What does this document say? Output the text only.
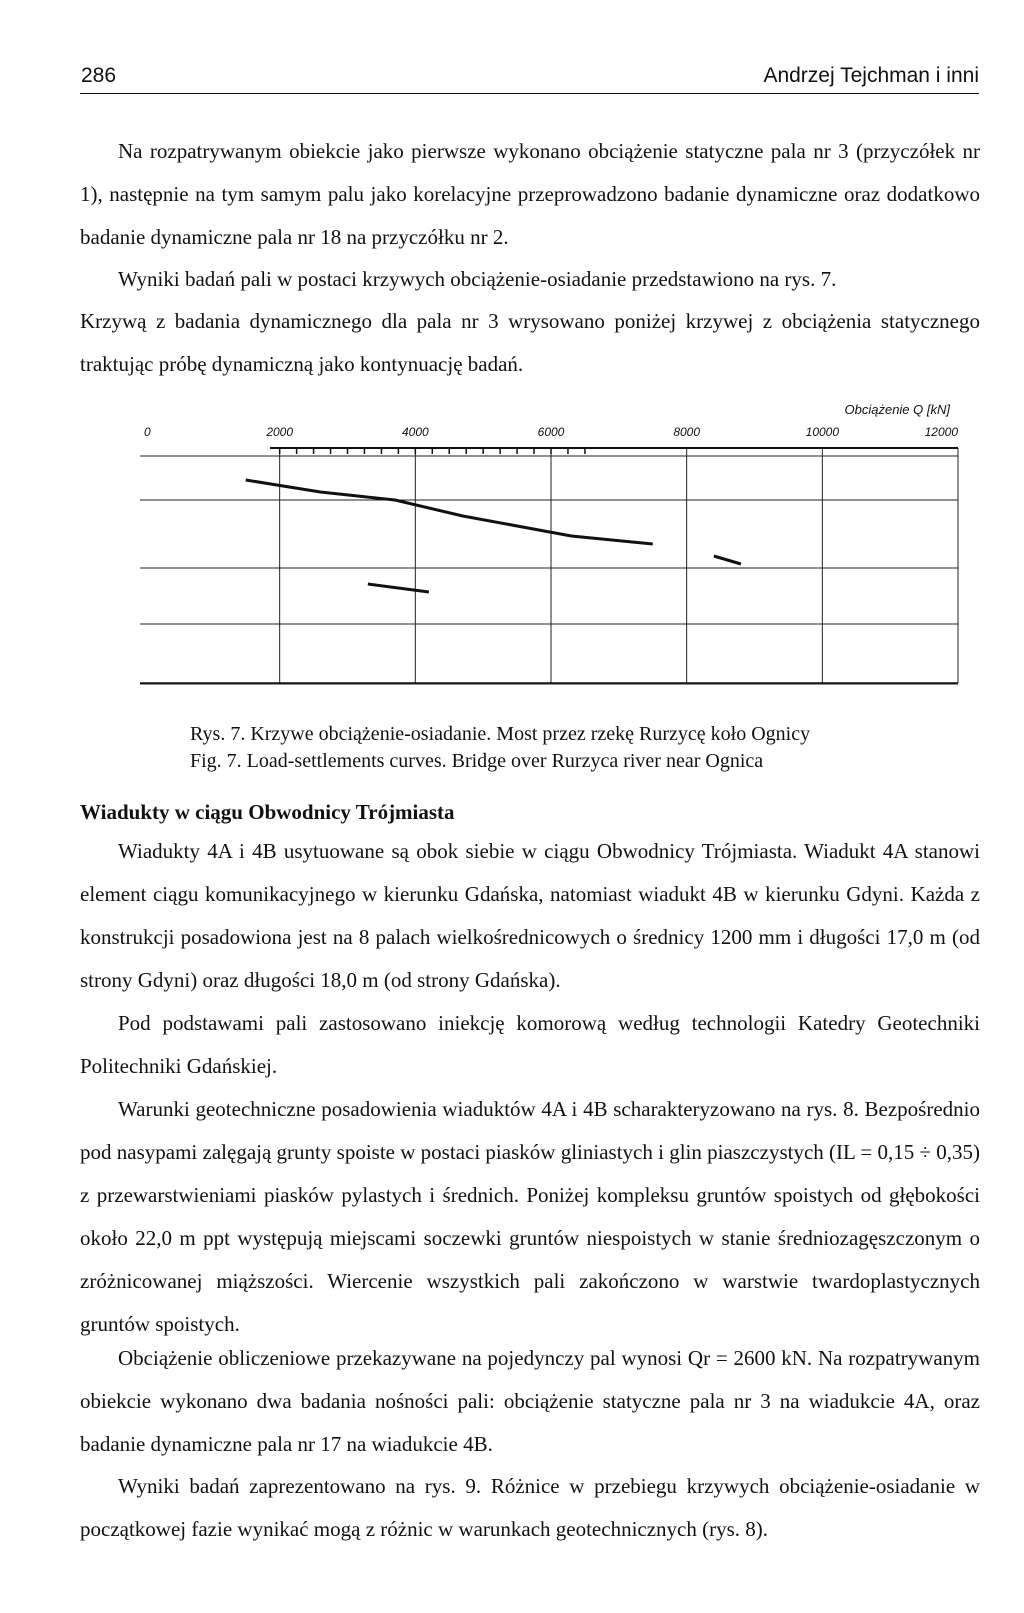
286	Andrzej Tejchman i inni

Na rozpatrywanym obiekcie jako pierwsze wykonano obciążenie statyczne pala nr 3 (przyczółek nr 1), następnie na tym samym palu jako korelacyjne przeprowadzono badanie dynamiczne oraz dodatkowo badanie dynamiczne pala nr 18 na przyczółku nr 2.

Wyniki badań pali w postaci krzywych obciążenie-osiadanie przedstawiono na rys. 7.

Krzywą z badania dynamicznego dla pala nr 3 wrysowano poniżej krzywej z obciążenia statycznego traktując próbę dynamiczną jako kontynuację badań.

Obciążenie Q [kN]
0	2000	4000	6000	8000	10000	12000

Rys. 7. Krzywe obciążenie-osiadanie. Most przez rzekę Rurzycę koło Ognicy

Fig. 7. Load-settlements curves. Bridge over Rurzyca river near Ognica

Wiadukty w ciągu Obwodnicy Trójmiasta

Wiadukty 4A i 4B usytuowane są obok siebie w ciągu Obwodnicy Trójmiasta. Wiadukt 4A stanowi element ciągu komunikacyjnego w kierunku Gdańska, natomiast wiadukt 4B w kierunku Gdyni. Każda z konstrukcji posadowiona jest na 8 palach wielkośrednicowych o średnicy 1200 mm i długości 17,0 m (od strony Gdyni) oraz długości 18,0 m (od strony Gdańska).

Pod podstawami pali zastosowano iniekcję komorową według technologii Katedry Geotechniki Politechniki Gdańskiej.

Warunki geotechniczne posadowienia wiaduktów 4A i 4B scharakteryzowano na rys. 8. Bezpośrednio pod nasypami zalęgają grunty spoiste w postaci piasków gliniastych i glin piaszczystych (IL = 0,15 ÷ 0,35) z przewarstwieniami piasków pylastych i średnich. Poniżej kompleksu gruntów spoistych od głębokości około 22,0 m ppt występują miejscami soczewki gruntów niespoistych w stanie średniozagęszczonym o zróżnicowanej miąższości. Wiercenie wszystkich pali zakończono w warstwie twardoplastycznych gruntów spoistych.

Obciążenie obliczeniowe przekazywane na pojedynczy pal wynosi Qr = 2600 kN. Na rozpatrywanym obiekcie wykonano dwa badania nośności pali: obciążenie statyczne pala nr 3 na wiadukcie 4A, oraz badanie dynamiczne pala nr 17 na wiadukcie 4B.

Wyniki badań zaprezentowano na rys. 9. Różnice w przebiegu krzywych obciążenie-osiadanie w początkowej fazie wynikać mogą z różnic w warunkach geotechnicznych (rys. 8).
